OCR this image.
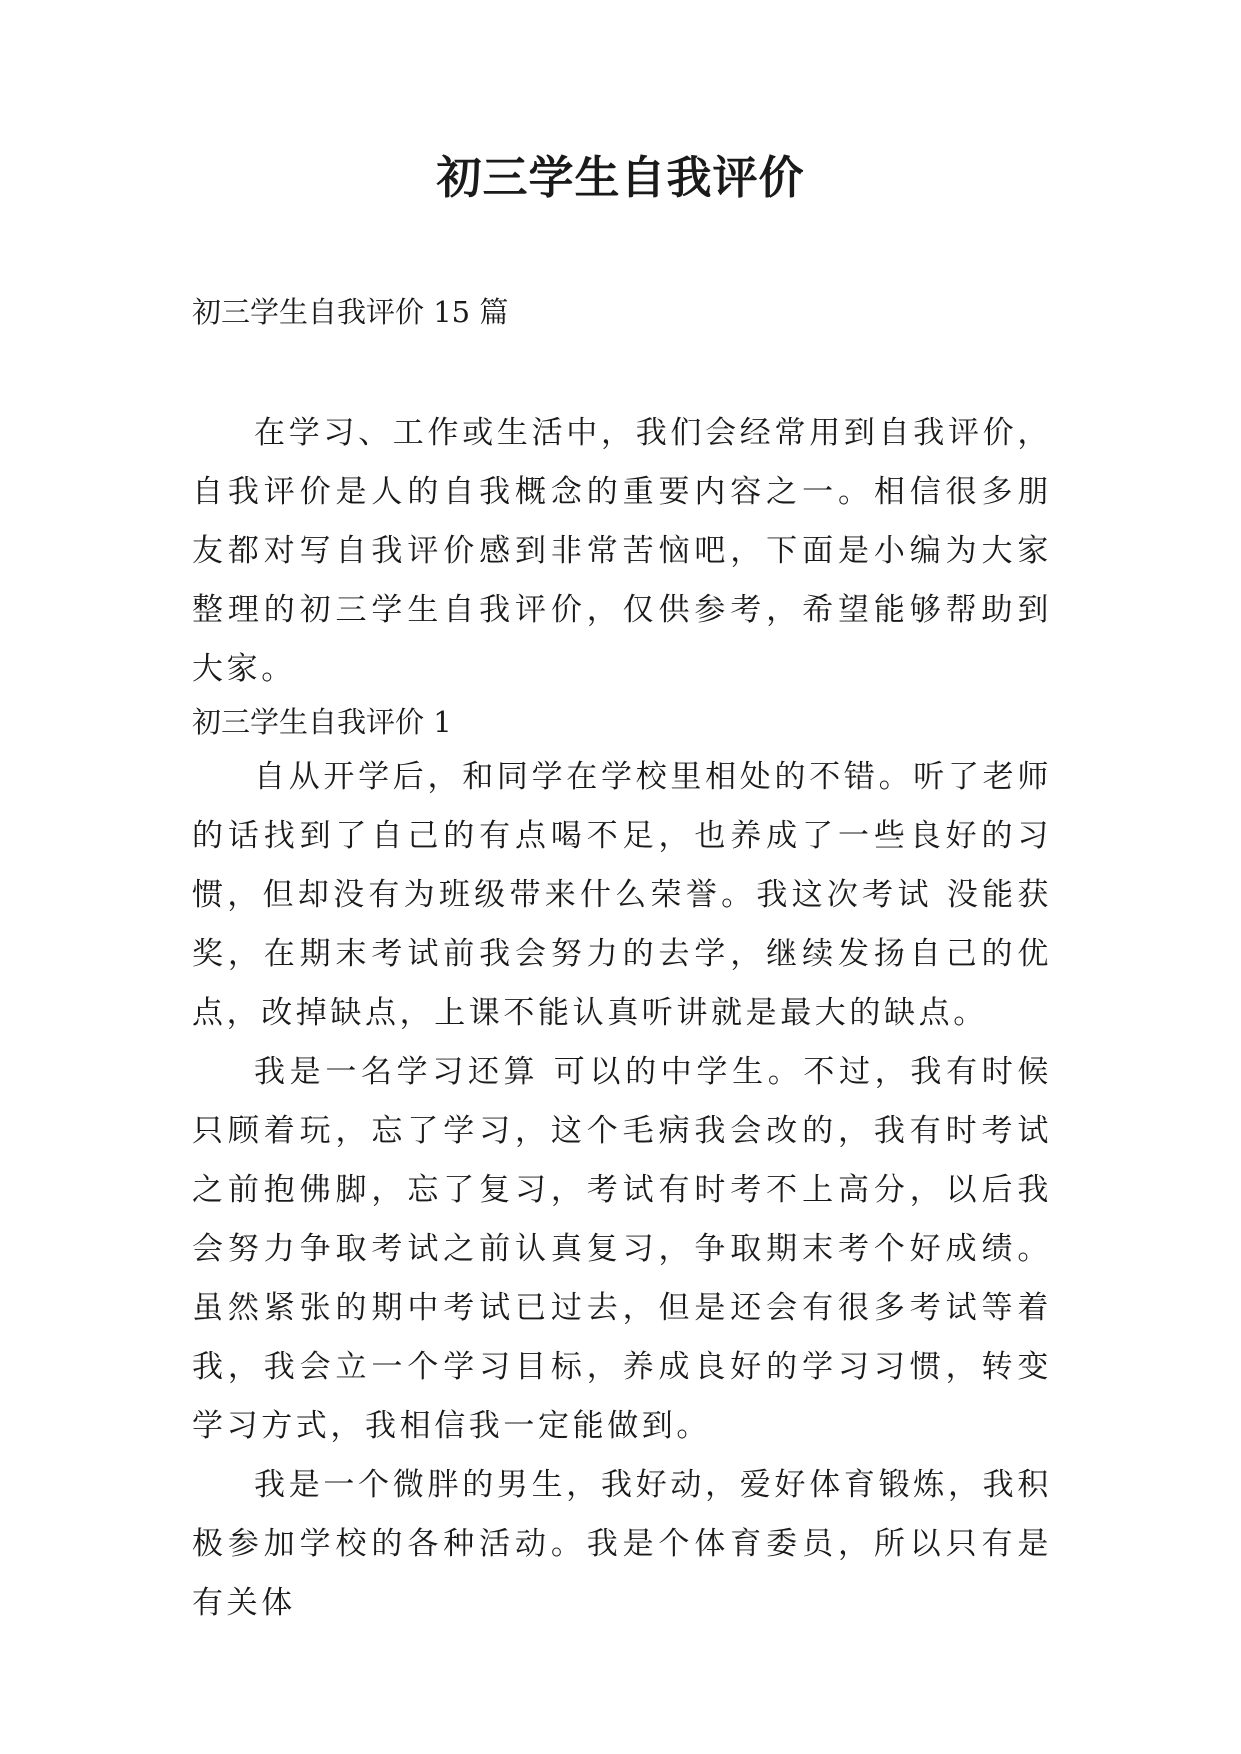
初三学生自我评价
初三学生自我评价 15 篇

在学习、工作或生活中，我们会经常用到自我评价，自我评价是人的自我概念的重要内容之一。相信很多朋友都对写自我评价感到非常苦恼吧，下面是小编为大家整理的初三学生自我评价，仅供参考，希望能够帮助到大家。

初三学生自我评价 1

自从开学后，和同学在学校里相处的不错。听了老师的话找到了自己的有点喝不足，也养成了一些良好的习惯，但却没有为班级带来什么荣誉。我这次考试 没能获奖，在期末考试前我会努力的去学，继续发扬自己的优点，改掉缺点，上课不能认真听讲就是最大的缺点。

我是一名学习还算 可以的中学生。不过，我有时候只顾着玩，忘了学习，这个毛病我会改的，我有时考试之前抱佛脚，忘了复习，考试有时考不上高分，以后我会努力争取考试之前认真复习，争取期末考个好成绩。虽然紧张的期中考试已过去，但是还会有很多考试等着我，我会立一个学习目标，养成良好的学习习惯，转变学习方式，我相信我一定能做到。

我是一个微胖的男生，我好动，爱好体育锻炼，我积极参加学校的各种活动。我是个体育委员，所以只有是有关体
